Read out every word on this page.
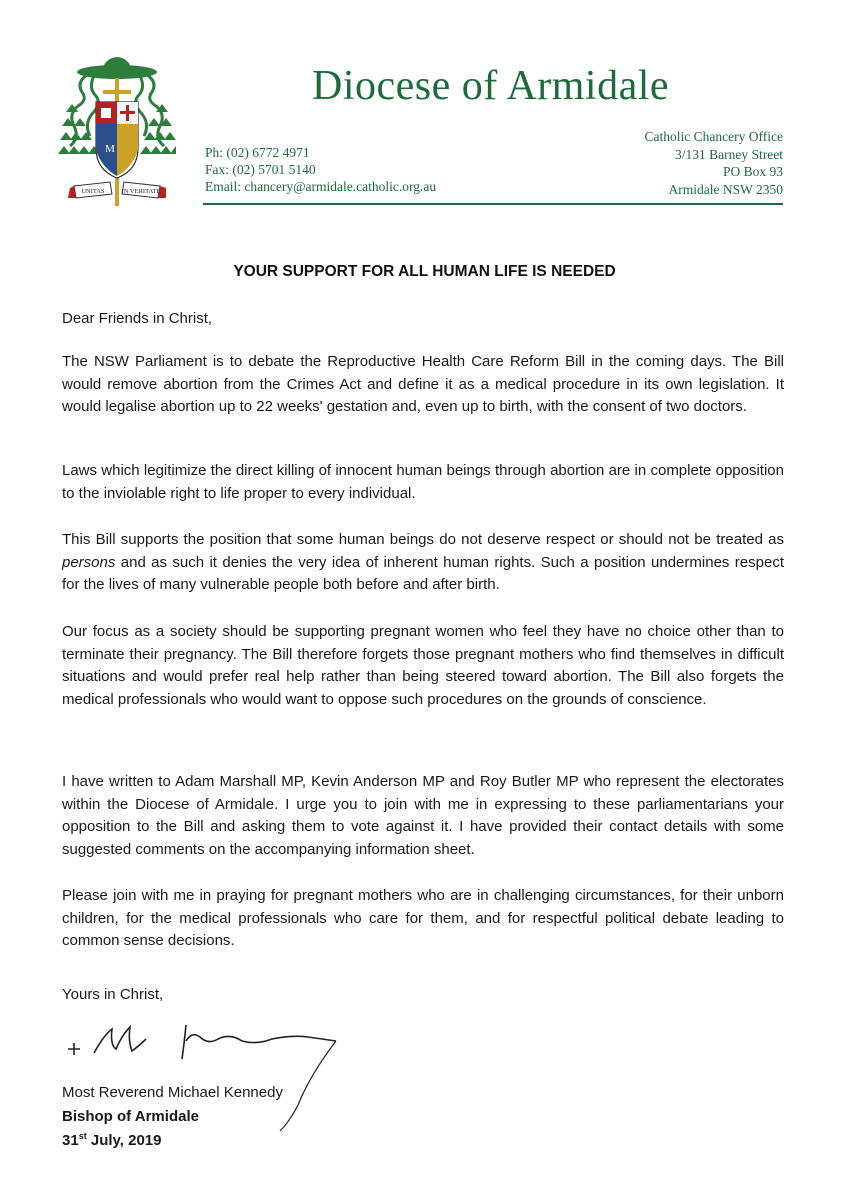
M
UNITAS	IN VERITATE
Diocese of Armidale
Ph: (02) 6772 4971
Fax: (02) 5701 5140
Email: chancery@armidale.catholic.org.au
Catholic Chancery Office
3/131 Barney Street
PO Box 93
Armidale NSW 2350
YOUR SUPPORT FOR ALL HUMAN LIFE IS NEEDED
Dear Friends in Christ,

The NSW Parliament is to debate the Reproductive Health Care Reform Bill in the coming days. The Bill would remove abortion from the Crimes Act and define it as a medical procedure in its own legislation. It would legalise abortion up to 22 weeks' gestation and, even up to birth, with the consent of two doctors.

Laws which legitimize the direct killing of innocent human beings through abortion are in complete opposition to the inviolable right to life proper to every individual.

This Bill supports the position that some human beings do not deserve respect or should not be treated as persons and as such it denies the very idea of inherent human rights. Such a position undermines respect for the lives of many vulnerable people both before and after birth.

Our focus as a society should be supporting pregnant women who feel they have no choice other than to terminate their pregnancy. The Bill therefore forgets those pregnant mothers who find themselves in difficult situations and would prefer real help rather than being steered toward abortion. The Bill also forgets the medical professionals who would want to oppose such procedures on the grounds of conscience.

I have written to Adam Marshall MP, Kevin Anderson MP and Roy Butler MP who represent the electorates within the Diocese of Armidale. I urge you to join with me in expressing to these parliamentarians your opposition to the Bill and asking them to vote against it. I have provided their contact details with some suggested comments on the accompanying information sheet.

Please join with me in praying for pregnant mothers who are in challenging circumstances, for their unborn children, for the medical professionals who care for them, and for respectful political debate leading to common sense decisions.

Yours in Christ,
Most Reverend Michael Kennedy
Bishop of Armidale
31st July, 2019
